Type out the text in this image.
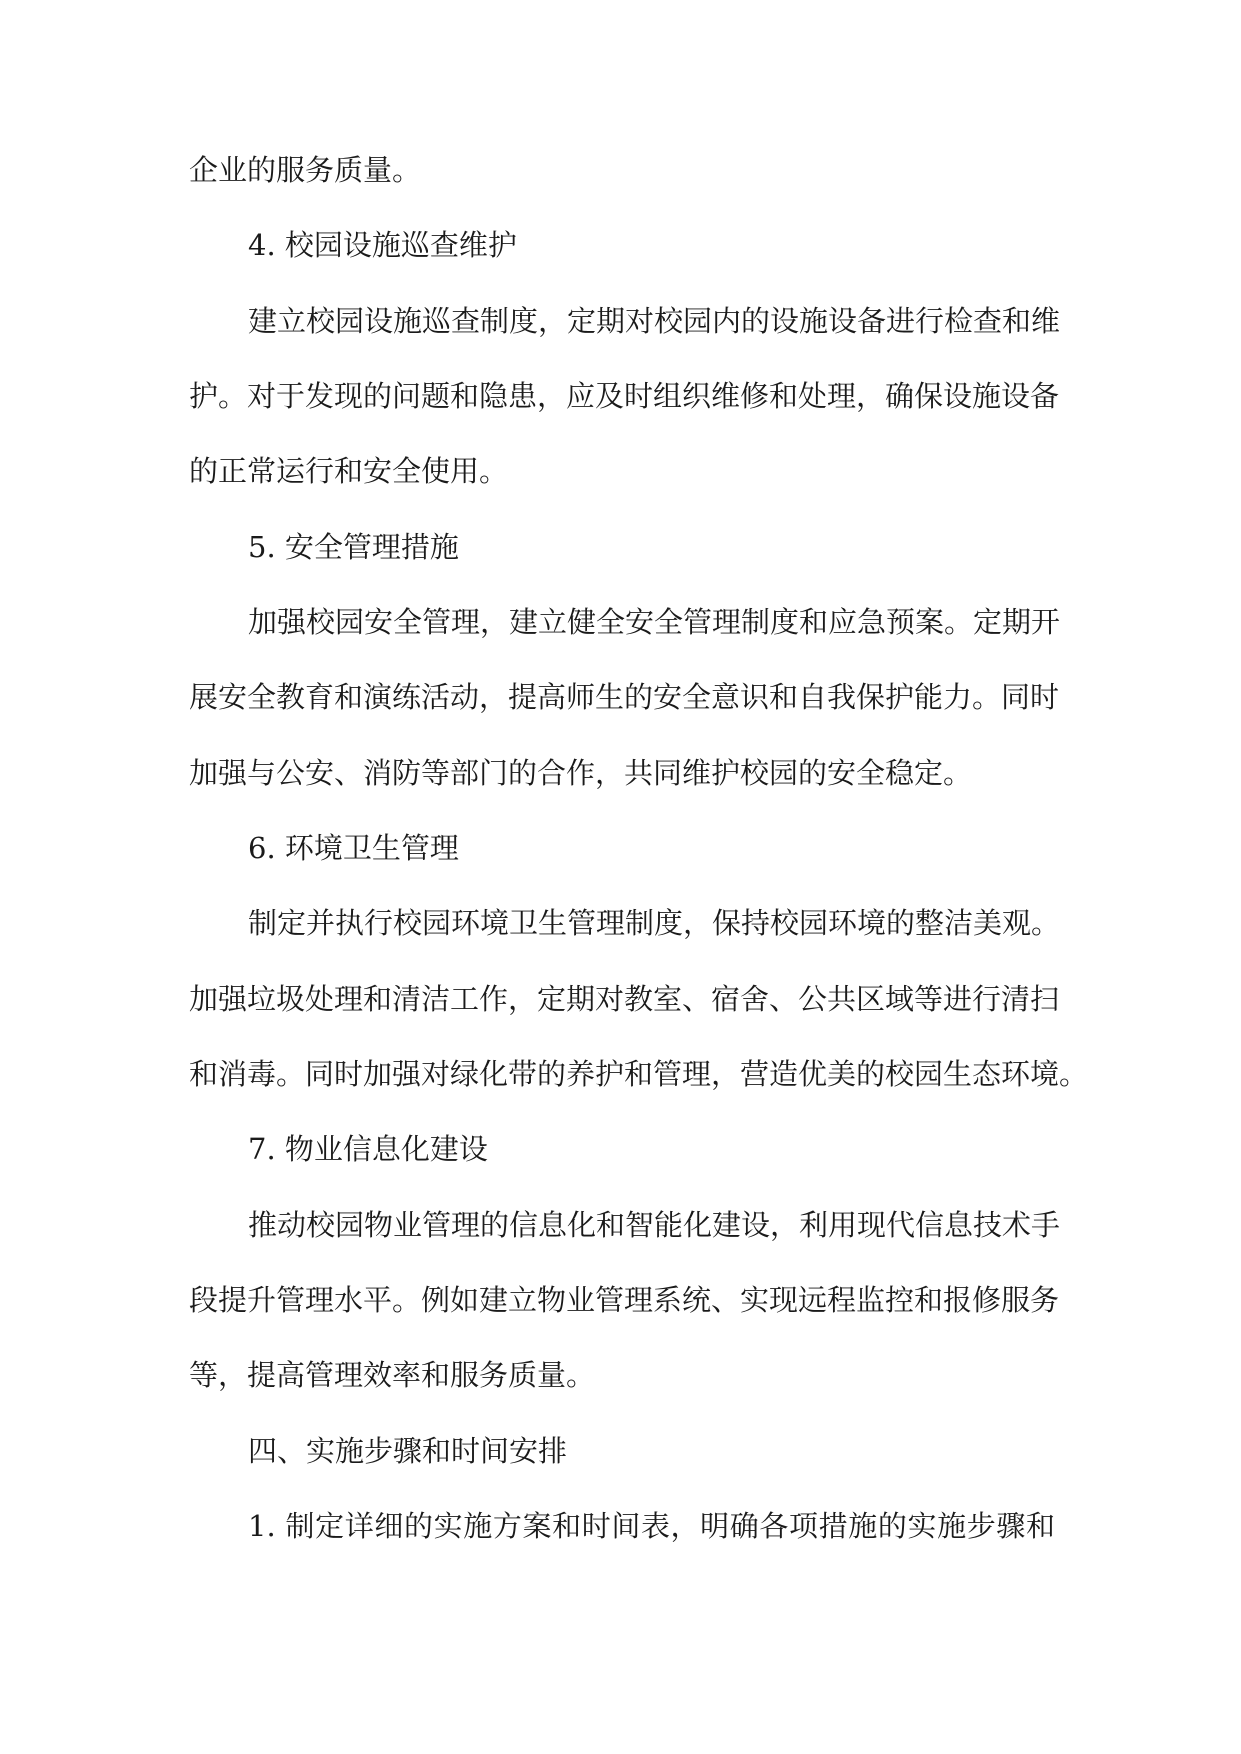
企业的服务质量。
4. 校园设施巡查维护
建立校园设施巡查制度，定期对校园内的设施设备进行检查和维
护。对于发现的问题和隐患，应及时组织维修和处理，确保设施设备
的正常运行和安全使用。
5. 安全管理措施
加强校园安全管理，建立健全安全管理制度和应急预案。定期开
展安全教育和演练活动，提高师生的安全意识和自我保护能力。同时
加强与公安、消防等部门的合作，共同维护校园的安全稳定。
6. 环境卫生管理
制定并执行校园环境卫生管理制度，保持校园环境的整洁美观。
加强垃圾处理和清洁工作，定期对教室、宿舍、公共区域等进行清扫
和消毒。同时加强对绿化带的养护和管理，营造优美的校园生态环境。
7. 物业信息化建设
推动校园物业管理的信息化和智能化建设，利用现代信息技术手
段提升管理水平。例如建立物业管理系统、实现远程监控和报修服务
等，提高管理效率和服务质量。
四、实施步骤和时间安排
1. 制定详细的实施方案和时间表，明确各项措施的实施步骤和
